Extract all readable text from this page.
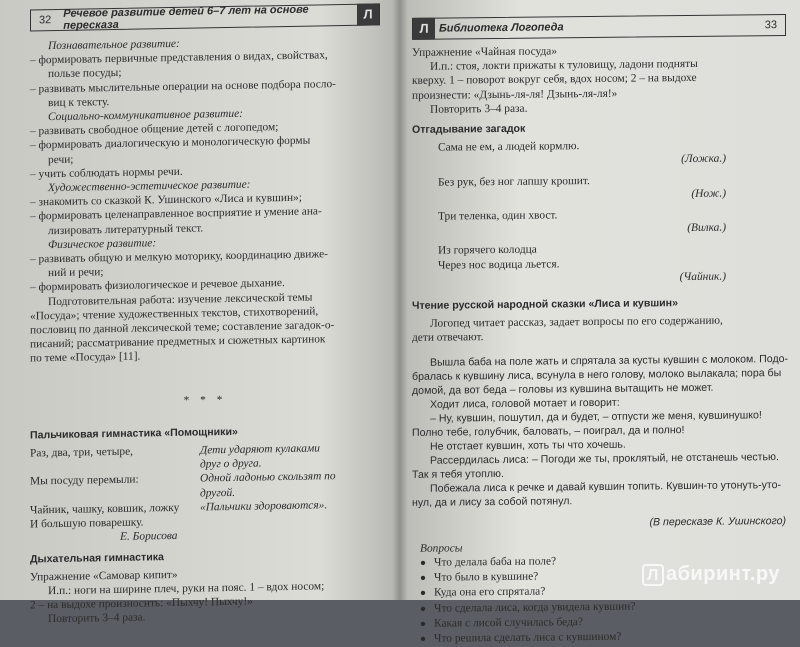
32
Речевое развитие детей 6–7 лет на основе пересказа
Л
Познавательное развитие:
– формировать первичные представления о видах, свойствах,
пользе посуды;
– развивать мыслительные операции на основе подбора посло-
виц к тексту.
Социально-коммуникативное развитие:
– развивать свободное общение детей с логопедом;
– формировать диалогическую и монологическую формы
речи;
– учить соблюдать нормы речи.
Художественно-эстетическое развитие:
– знакомить со сказкой К. Ушинского «Лиса и кувшин»;
– формировать целенаправленное восприятие и умение ана-
лизировать литературный текст.
Физическое развитие:
– развивать общую и мелкую моторику, координацию движе-
ний и речи;
– формировать физиологическое и речевое дыхание.
Подготовительная работа: изучение лексической темы
«Посуда»; чтение художественных текстов, стихотворений,
пословиц по данной лексической теме; составление загадок-о-
писаний; рассматривание предметных и сюжетных картинок
по теме «Посуда» [11].
* * *
Пальчиковая гимнастика «Помощники»
Раз, два, три, четыре,	Дети ударяют кулаками
друг о друга.
Мы посуду перемыли:	Одной ладонью скользят по
другой.
Чайник, чашку, ковшик, ложку	«Пальчики здороваются».
И большую поварешку.
Е. Борисова
Дыхательная гимнастика
Упражнение «Самовар кипит»
И.п.: ноги на ширине плеч, руки на пояс. 1 – вдох носом;
2 – на выдохе произносить: «Пыхчу! Пыхчу!»
Повторить 3–4 раза.
Л Библиотека Логопеда	33
Упражнение «Чайная посуда»
И.п.: стоя, локти прижаты к туловищу, ладони подняты
кверху. 1 – поворот вокруг себя, вдох носом; 2 – на выдохе
произнести: «Дзынь-ля-ля! Дзынь-ля-ля!»
Повторить 3–4 раза.
Отгадывание загадок
Сама не ем, а людей кормлю.
(Ложка.)
Без рук, без ног лапшу крошит.
(Нож.)
Три теленка, один хвост.
(Вилка.)
Из горячего колодца
Через нос водица льется.
(Чайник.)
Чтение русской народной сказки «Лиса и кувшин»
Логопед читает рассказ, задает вопросы по его содержанию,
дети отвечают.
Вышла баба на поле жать и спрятала за кусты кувшин с молоком. Подо-
бралась к кувшину лиса, всунула в него голову, молоко вылакала; пора бы
домой, да вот беда – головы из кувшина вытащить не может.
Ходит лиса, головой мотает и говорит:
– Ну, кувшин, пошутил, да и будет, – отпусти же меня, кувшинушко!
Полно тебе, голубчик, баловать, – поиграл, да и полно!
Не отстает кувшин, хоть ты что хочешь.
Рассердилась лиса: – Погоди же ты, проклятый, не отстанешь честью.
Так я тебя утоплю.
Побежала лиса к речке и давай кувшин топить. Кувшин-то утонуть-уто-
нул, да и лису за собой потянул.
(В пересказе К. Ушинского)
Вопросы
● Что делала баба на поле?
● Что было в кувшине?
● Куда она его спрятала?
● Что сделала лиса, когда увидела кувшин?
● Какая с лисой случилась беда?
● Что решила сделать лиса с кувшином?
Л абиринт.ру
